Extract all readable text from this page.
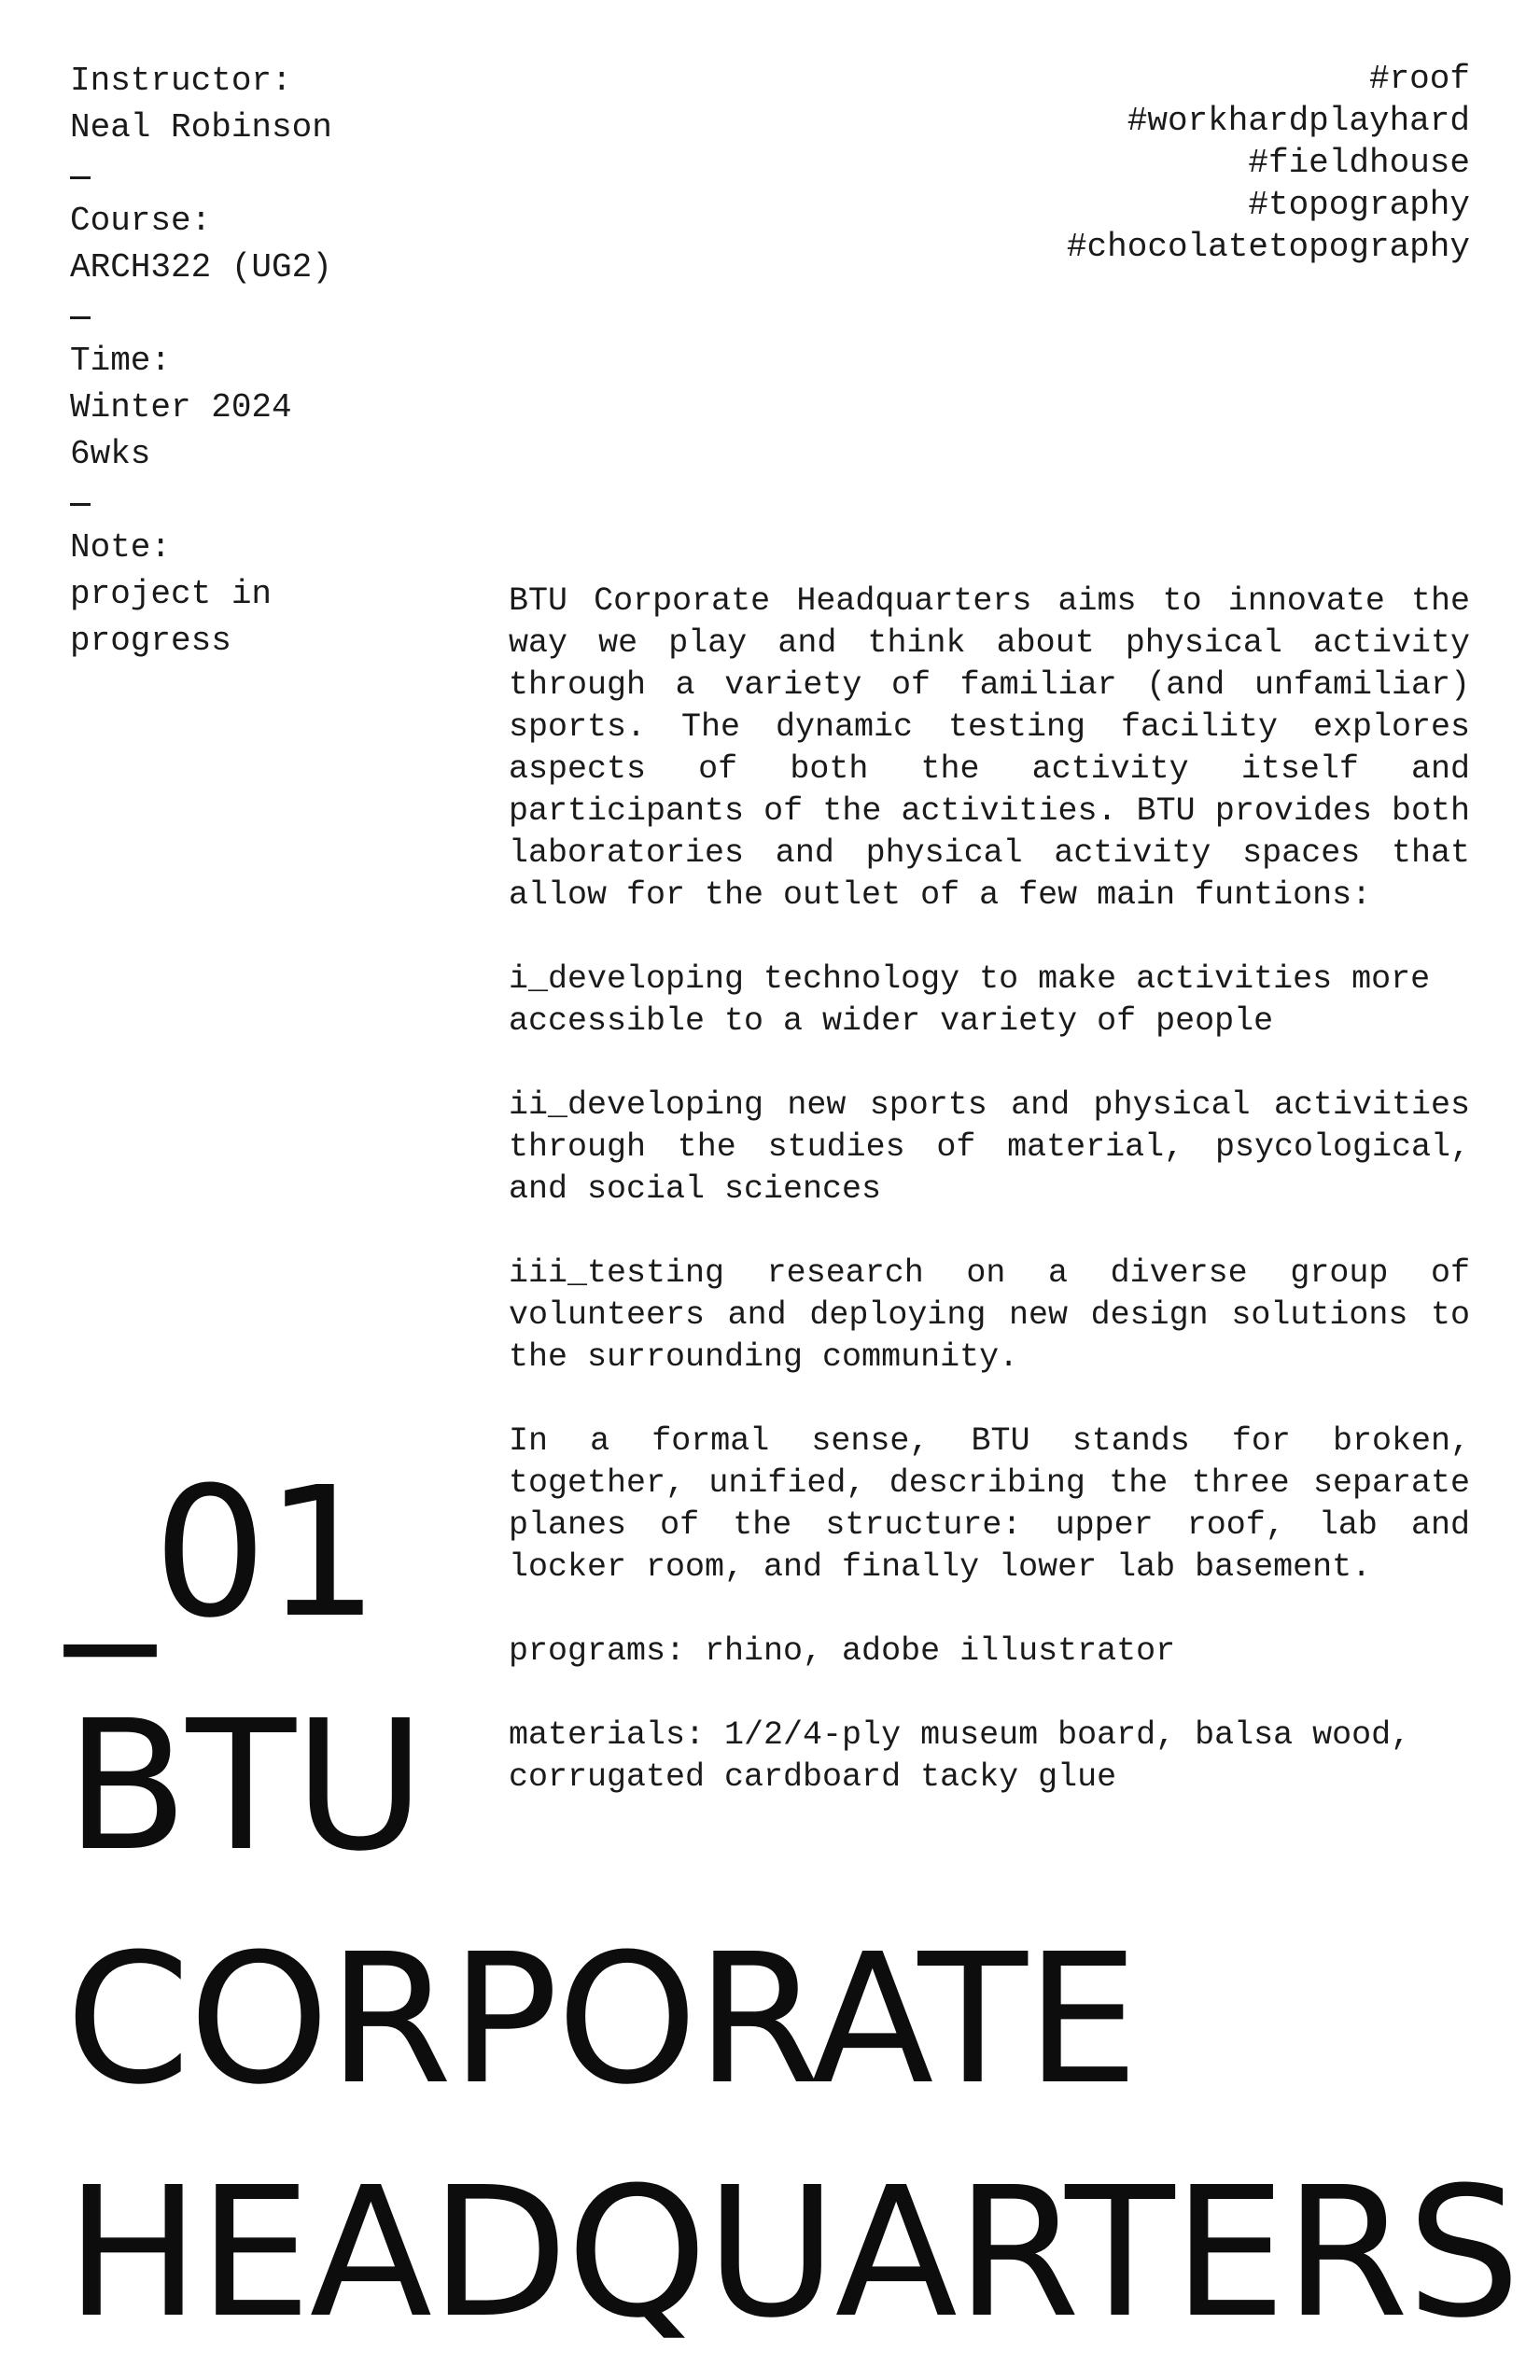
Instructor:
Neal Robinson
Course:
ARCH322 (UG2)
Time:
Winter 2024
6wks
Note:
project in
progress
#roof
#workhardplayhard
#fieldhouse
#topography
#chocolatetopography

BTU Corporate Headquarters aims to innovate the way we play and think about physical activity through a variety of familiar (and unfamiliar) sports. The dynamic testing facility explores aspects of both the activity itself and participants of the activities. BTU provides both laboratories and physical activity spaces that allow for the outlet of a few main funtions:

i_developing technology to make activities more accessible to a wider variety of people

ii_developing new sports and physical activities through the studies of material, psycological, and social sciences

iii_testing research on a diverse group of volunteers and deploying new design solutions to the surrounding community.

In a formal sense, BTU stands for broken, together, unified, describing the three separate planes of the structure: upper roof, lab and locker room, and finally lower lab basement.

programs: rhino, adobe illustrator

materials: 1/2/4-ply museum board, balsa wood, corrugated cardboard tacky glue

_01
BTU
CORPORATE
HEADQUARTERS
